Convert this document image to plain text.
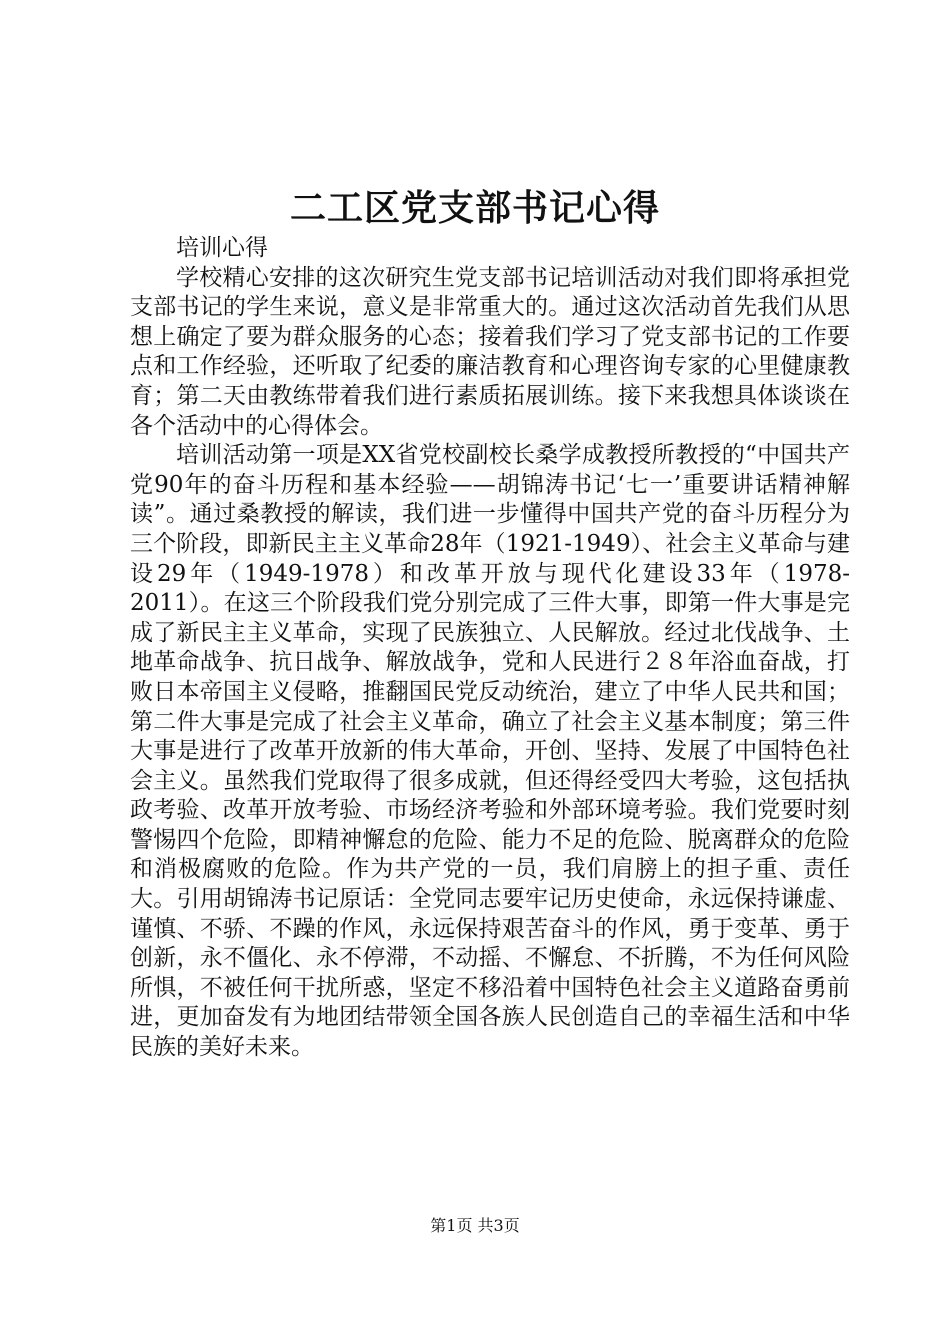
二工区党支部书记心得
培训心得

学校精心安排的这次研究生党支部书记培训活动对我们即将承担党支部书记的学生来说，意义是非常重大的。通过这次活动首先我们从思想上确定了要为群众服务的心态；接着我们学习了党支部书记的工作要点和工作经验，还听取了纪委的廉洁教育和心理咨询专家的心里健康教育；第二天由教练带着我们进行素质拓展训练。接下来我想具体谈谈在各个活动中的心得体会。

培训活动第一项是XX省党校副校长桑学成教授所教授的“中国共产党90年的奋斗历程和基本经验——胡锦涛书记‘七一’重要讲话精神解读”。通过桑教授的解读，我们进一步懂得中国共产党的奋斗历程分为三个阶段，即新民主主义革命28年（1921-1949）、社会主义革命与建设29年（1949-1978）和改革开放与现代化建设33年（1978-2011）。在这三个阶段我们党分别完成了三件大事，即第一件大事是完成了新民主主义革命，实现了民族独立、人民解放。经过北伐战争、土地革命战争、抗日战争、解放战争，党和人民进行２８年浴血奋战，打败日本帝国主义侵略，推翻国民党反动统治，建立了中华人民共和国；第二件大事是完成了社会主义革命，确立了社会主义基本制度；第三件大事是进行了改革开放新的伟大革命，开创、坚持、发展了中国特色社会主义。虽然我们党取得了很多成就，但还得经受四大考验，这包括执政考验、改革开放考验、市场经济考验和外部环境考验。我们党要时刻警惕四个危险，即精神懈怠的危险、能力不足的危险、脱离群众的危险和消极腐败的危险。作为共产党的一员，我们肩膀上的担子重、责任大。引用胡锦涛书记原话：全党同志要牢记历史使命，永远保持谦虚、谨慎、不骄、不躁的作风，永远保持艰苦奋斗的作风，勇于变革、勇于创新，永不僵化、永不停滞，不动摇、不懈怠、不折腾，不为任何风险所惧，不被任何干扰所惑，坚定不移沿着中国特色社会主义道路奋勇前进，更加奋发有为地团结带领全国各族人民创造自己的幸福生活和中华民族的美好未来。

第1页 共3页
